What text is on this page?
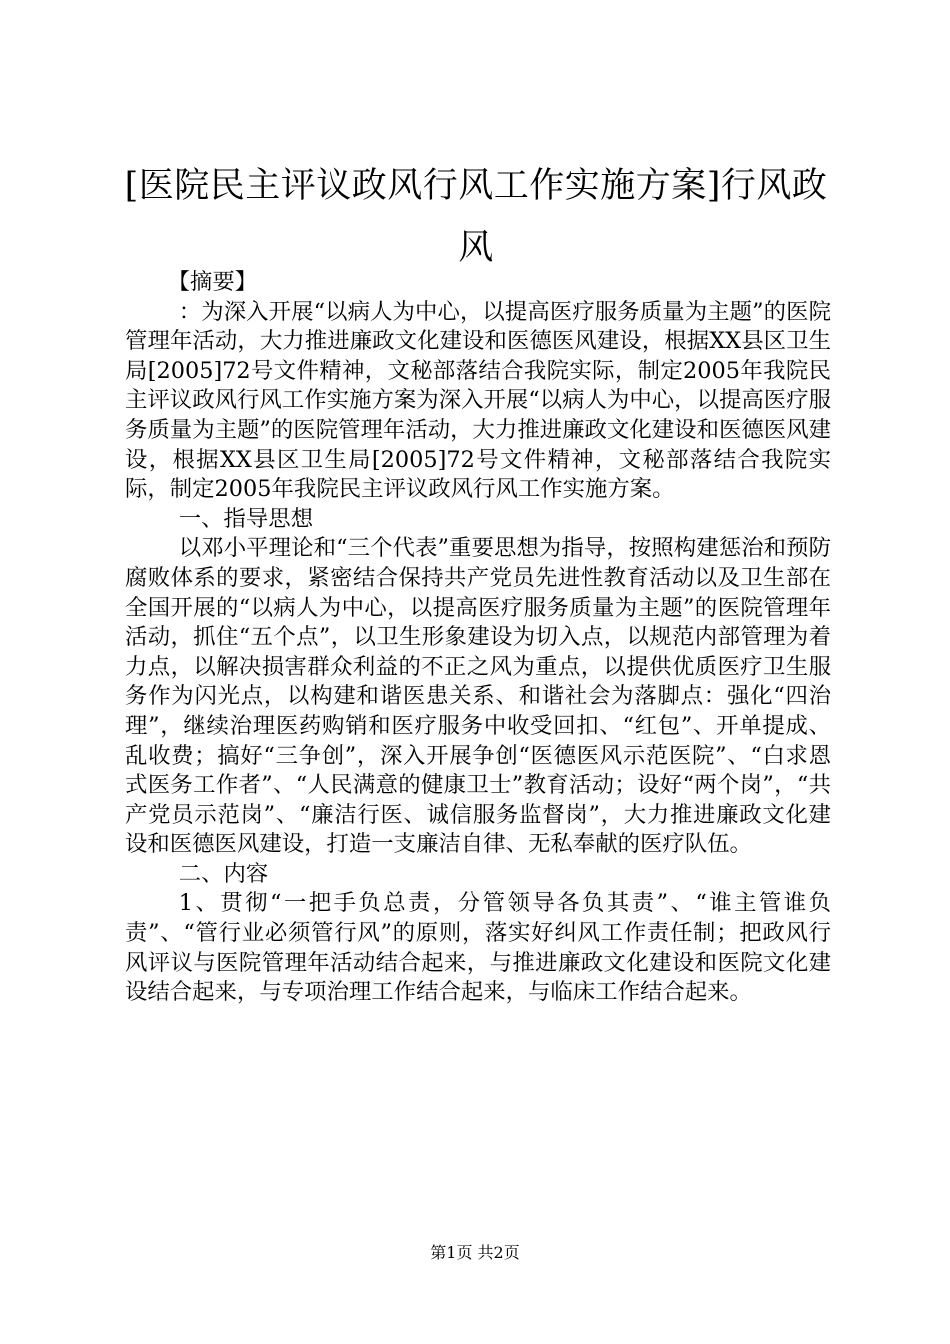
[医院民主评议政风行风工作实施方案]行风政风

【摘要】

：为深入开展“以病人为中心，以提高医疗服务质量为主题”的医院管理年活动，大力推进廉政文化建设和医德医风建设，根据XX县区卫生局[2005]72号文件精神，文秘部落结合我院实际，制定2005年我院民主评议政风行风工作实施方案为深入开展“以病人为中心，以提高医疗服务质量为主题”的医院管理年活动，大力推进廉政文化建设和医德医风建设，根据XX县区卫生局[2005]72号文件精神，文秘部落结合我院实际，制定2005年我院民主评议政风行风工作实施方案。

一、指导思想

以邓小平理论和“三个代表”重要思想为指导，按照构建惩治和预防腐败体系的要求，紧密结合保持共产党员先进性教育活动以及卫生部在全国开展的“以病人为中心，以提高医疗服务质量为主题”的医院管理年活动，抓住“五个点”，以卫生形象建设为切入点，以规范内部管理为着力点，以解决损害群众利益的不正之风为重点，以提供优质医疗卫生服务作为闪光点，以构建和谐医患关系、和谐社会为落脚点：强化“四治理”，继续治理医药购销和医疗服务中收受回扣、“红包”、开单提成、乱收费；搞好“三争创”，深入开展争创“医德医风示范医院”、“白求恩式医务工作者”、“人民满意的健康卫士”教育活动；设好“两个岗”，“共产党员示范岗”、“廉洁行医、诚信服务监督岗”，大力推进廉政文化建设和医德医风建设，打造一支廉洁自律、无私奉献的医疗队伍。

二、内容

1、贯彻“一把手负总责，分管领导各负其责”、“谁主管谁负责”、“管行业必须管行风”的原则，落实好纠风工作责任制；把政风行风评议与医院管理年活动结合起来，与推进廉政文化建设和医院文化建设结合起来，与专项治理工作结合起来，与临床工作结合起来。

第1页 共2页
